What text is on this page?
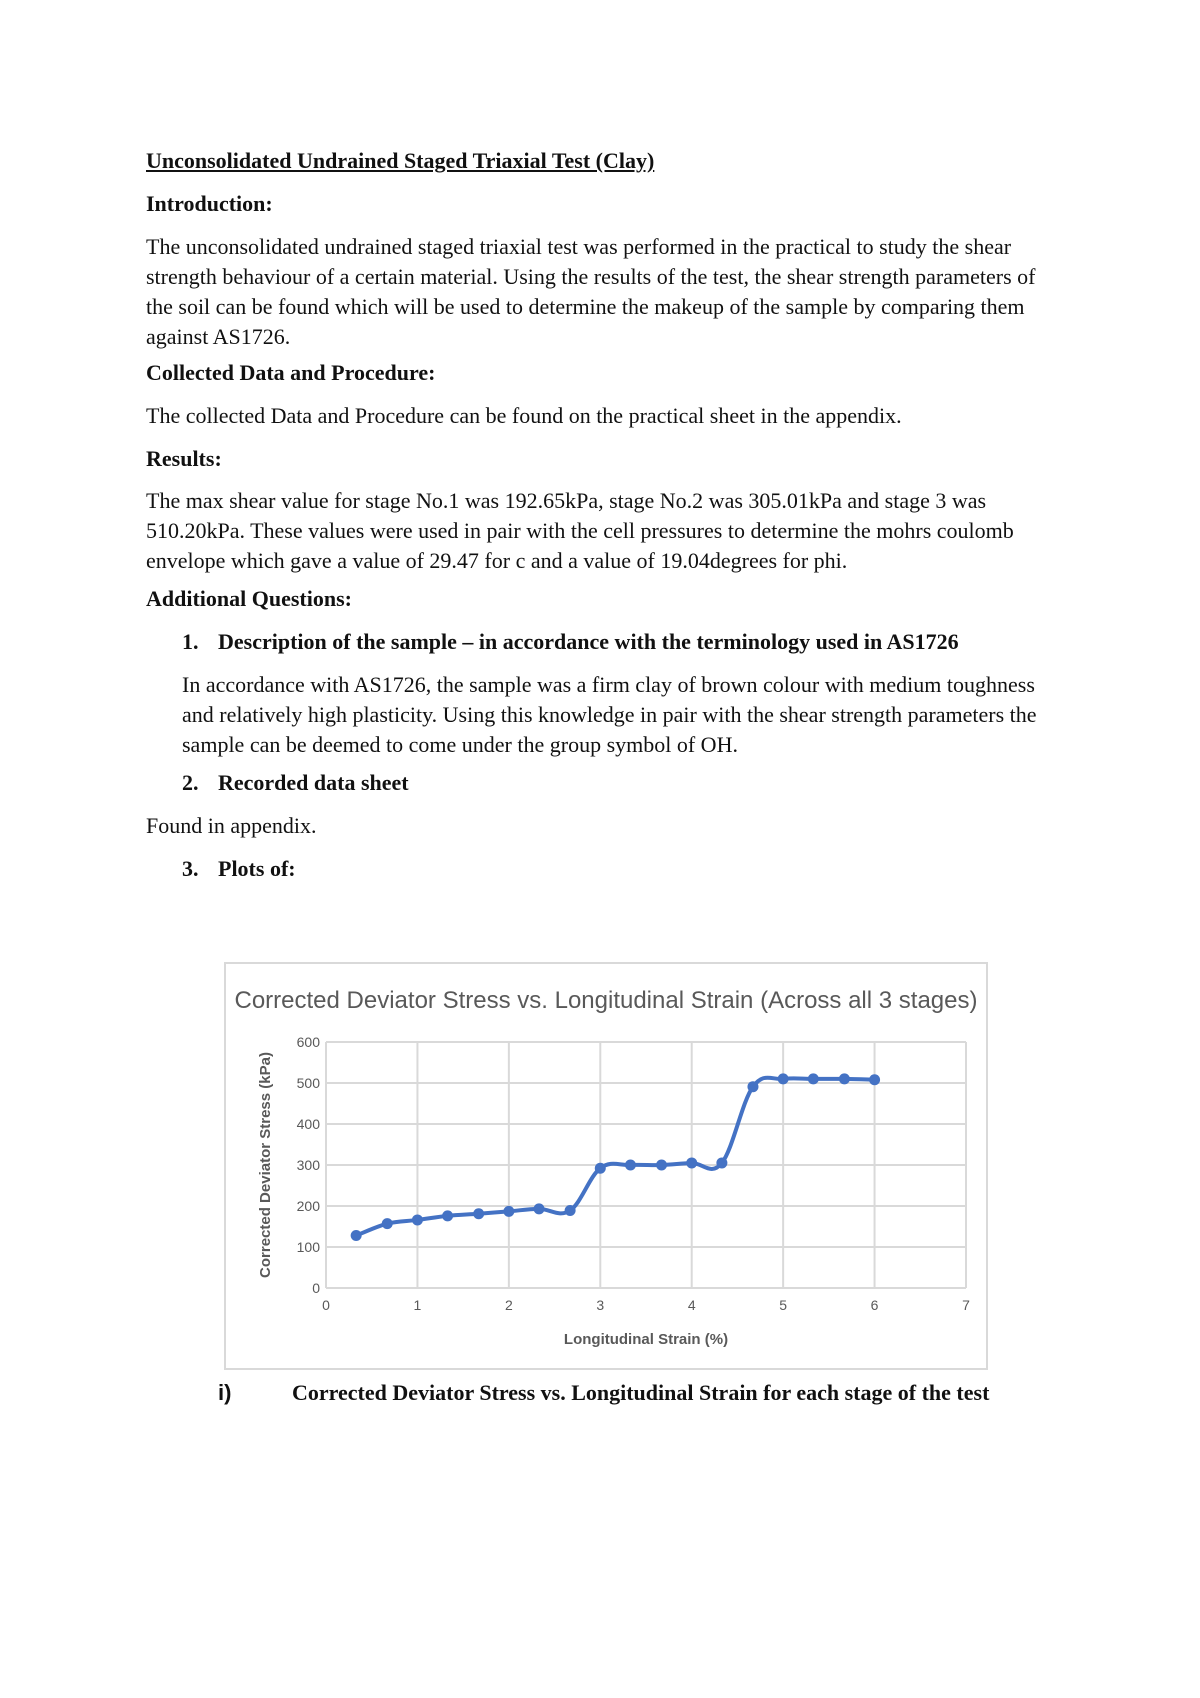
Unconsolidated Undrained Staged Triaxial Test (Clay)
Introduction:
The unconsolidated undrained staged triaxial test was performed in the practical to study the shear strength behaviour of a certain material. Using the results of the test, the shear strength parameters of the soil can be found which will be used to determine the makeup of the sample by comparing them against AS1726.
Collected Data and Procedure:
The collected Data and Procedure can be found on the practical sheet in the appendix.
Results:
The max shear value for stage No.1 was 192.65kPa, stage No.2 was 305.01kPa and stage 3 was 510.20kPa. These values were used in pair with the cell pressures to determine the mohrs coulomb envelope which gave a value of 29.47 for c and a value of 19.04degrees for phi.
Additional Questions:
1. Description of the sample – in accordance with the terminology used in AS1726
In accordance with AS1726, the sample was a firm clay of brown colour with medium toughness and relatively high plasticity. Using this knowledge in pair with the shear strength parameters the sample can be deemed to come under the group symbol of OH.
2. Recorded data sheet
Found in appendix.
3. Plots of:
Corrected Deviator Stress vs. Longitudinal Strain (Across all 3 stages)
0
100
200
300
400
500
600
0	1	2	3	4	5	6	7
Longitudinal Strain (%)
Corrected Deviator Stress (kPa)
i)	Corrected Deviator Stress vs. Longitudinal Strain for each stage of the test
